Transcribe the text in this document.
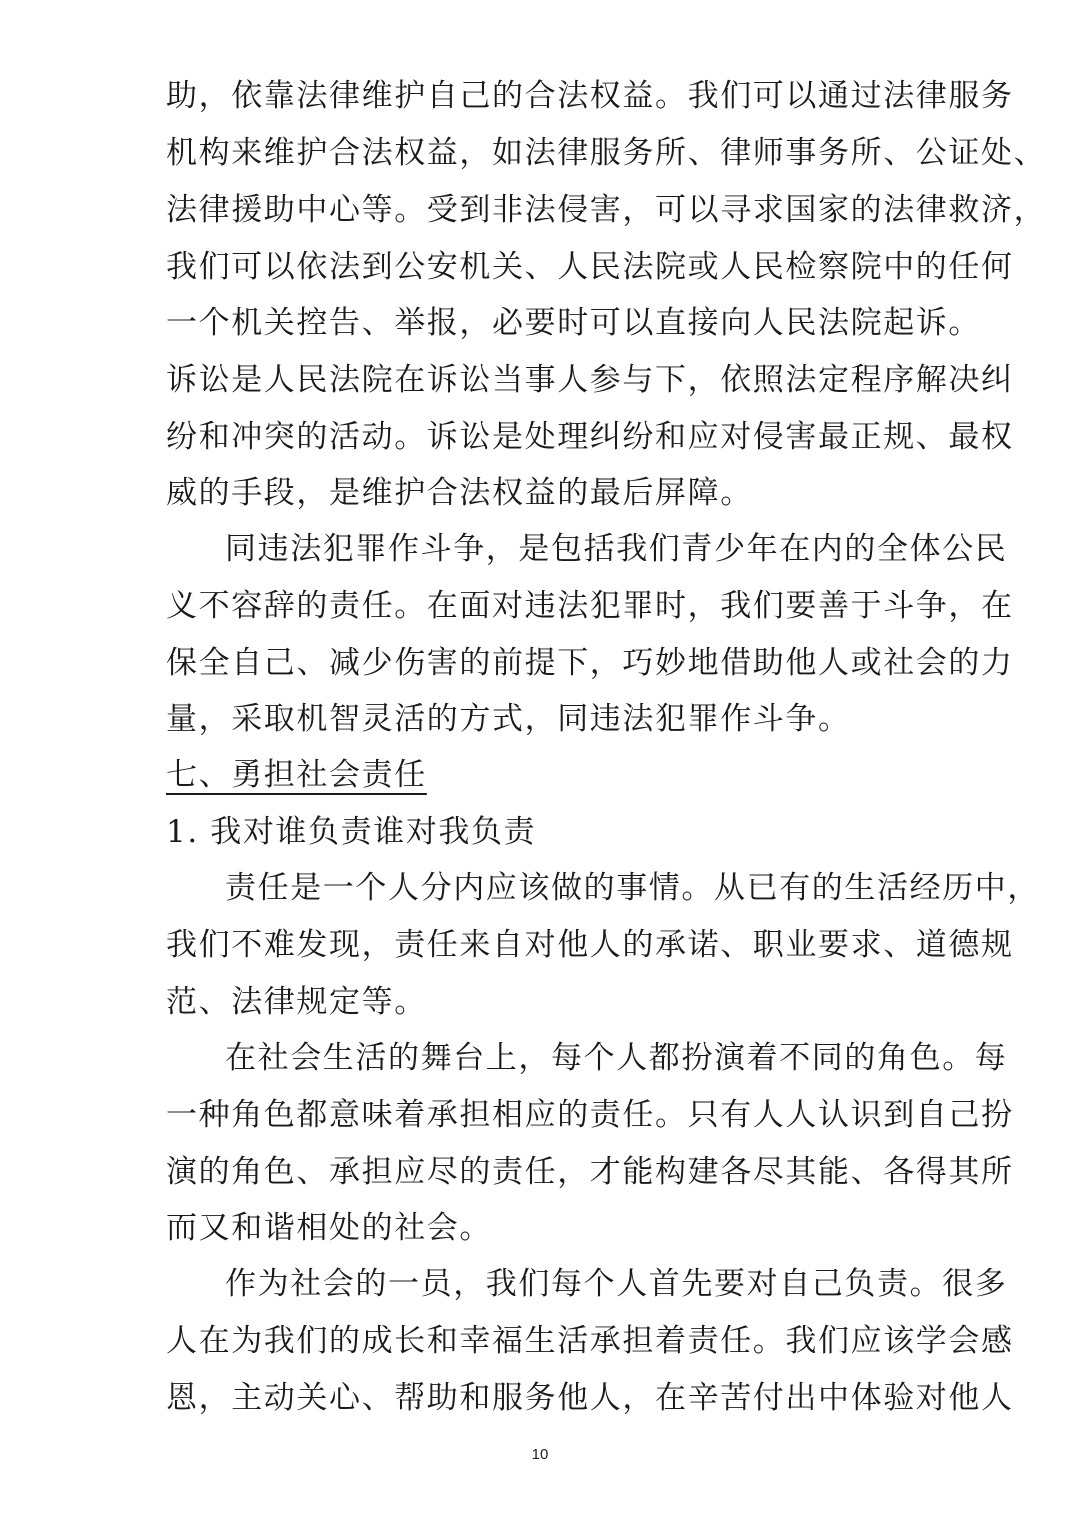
助，依靠法律维护自己的合法权益。我们可以通过法律服务
机构来维护合法权益，如法律服务所、律师事务所、公证处、
法律援助中心等。受到非法侵害，可以寻求国家的法律救济，
我们可以依法到公安机关、人民法院或人民检察院中的任何
一个机关控告、举报，必要时可以直接向人民法院起诉。
诉讼是人民法院在诉讼当事人参与下，依照法定程序解决纠
纷和冲突的活动。诉讼是处理纠纷和应对侵害最正规、最权
威的手段，是维护合法权益的最后屏障。
同违法犯罪作斗争，是包括我们青少年在内的全体公民
义不容辞的责任。在面对违法犯罪时，我们要善于斗争，在
保全自己、减少伤害的前提下，巧妙地借助他人或社会的力
量，采取机智灵活的方式，同违法犯罪作斗争。
七、勇担社会责任
1. 我对谁负责谁对我负责
责任是一个人分内应该做的事情。从已有的生活经历中，
我们不难发现，责任来自对他人的承诺、职业要求、道德规
范、法律规定等。
在社会生活的舞台上，每个人都扮演着不同的角色。每
一种角色都意味着承担相应的责任。只有人人认识到自己扮
演的角色、承担应尽的责任，才能构建各尽其能、各得其所
而又和谐相处的社会。
作为社会的一员，我们每个人首先要对自己负责。很多
人在为我们的成长和幸福生活承担着责任。我们应该学会感
恩，主动关心、帮助和服务他人，在辛苦付出中体验对他人
10
